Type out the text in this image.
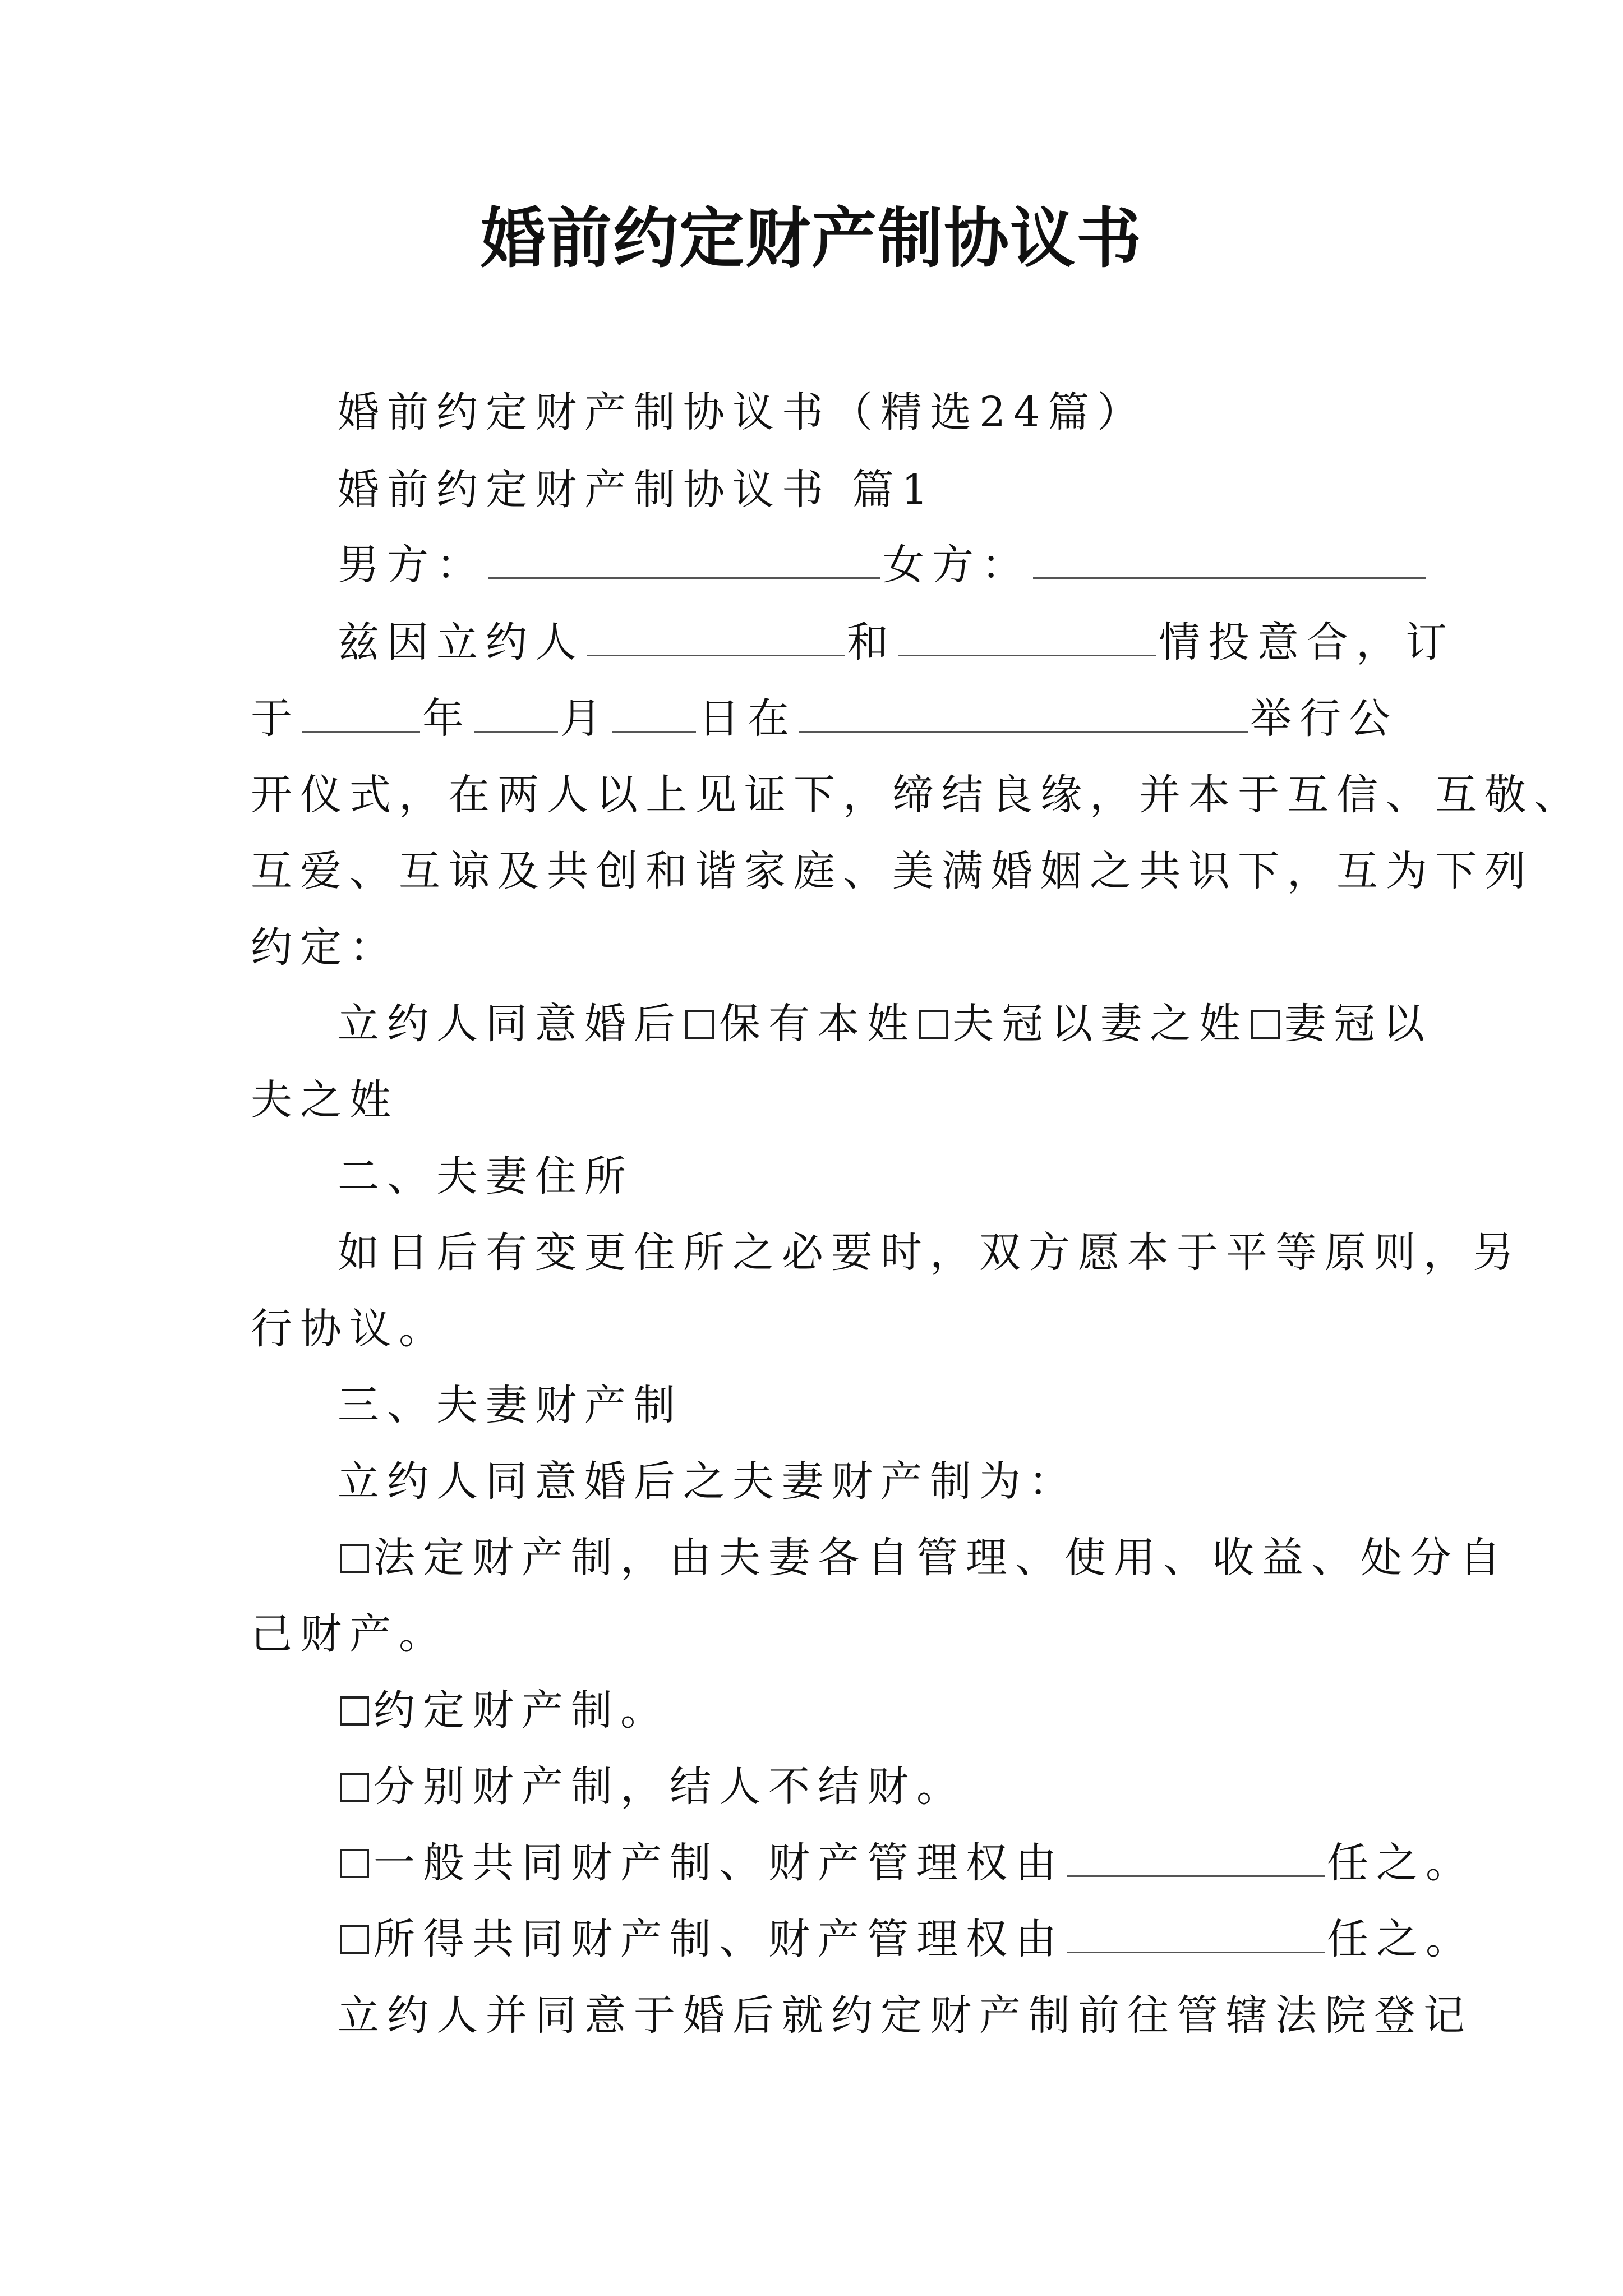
婚前约定财产制协议书
婚前约定财产制协议书（精选24篇）
婚前约定财产制协议书 篇1
男方：	女方：
兹因立约人	和	情投意合，订
于	年 月 日在	举行公
开仪式，在两人以上见证下，缔结良缘，并本于互信、互敬、
互爱、互谅及共创和谐家庭、美满婚姻之共识下，互为下列
约定：
立约人同意婚后 保有本姓 夫冠以妻之姓 妻冠以
夫之姓
二、夫妻住所
如日后有变更住所之必要时，双方愿本于平等原则，另
行协议。
三、夫妻财产制
立约人同意婚后之夫妻财产制为：
法定财产制，由夫妻各自管理、使用、收益、处分自
己财产。
约定财产制。
分别财产制，结人不结财。
一般共同财产制、财产管理权由	任之。
所得共同财产制、财产管理权由	任之。
立约人并同意于婚后就约定财产制前往管辖法院登记
